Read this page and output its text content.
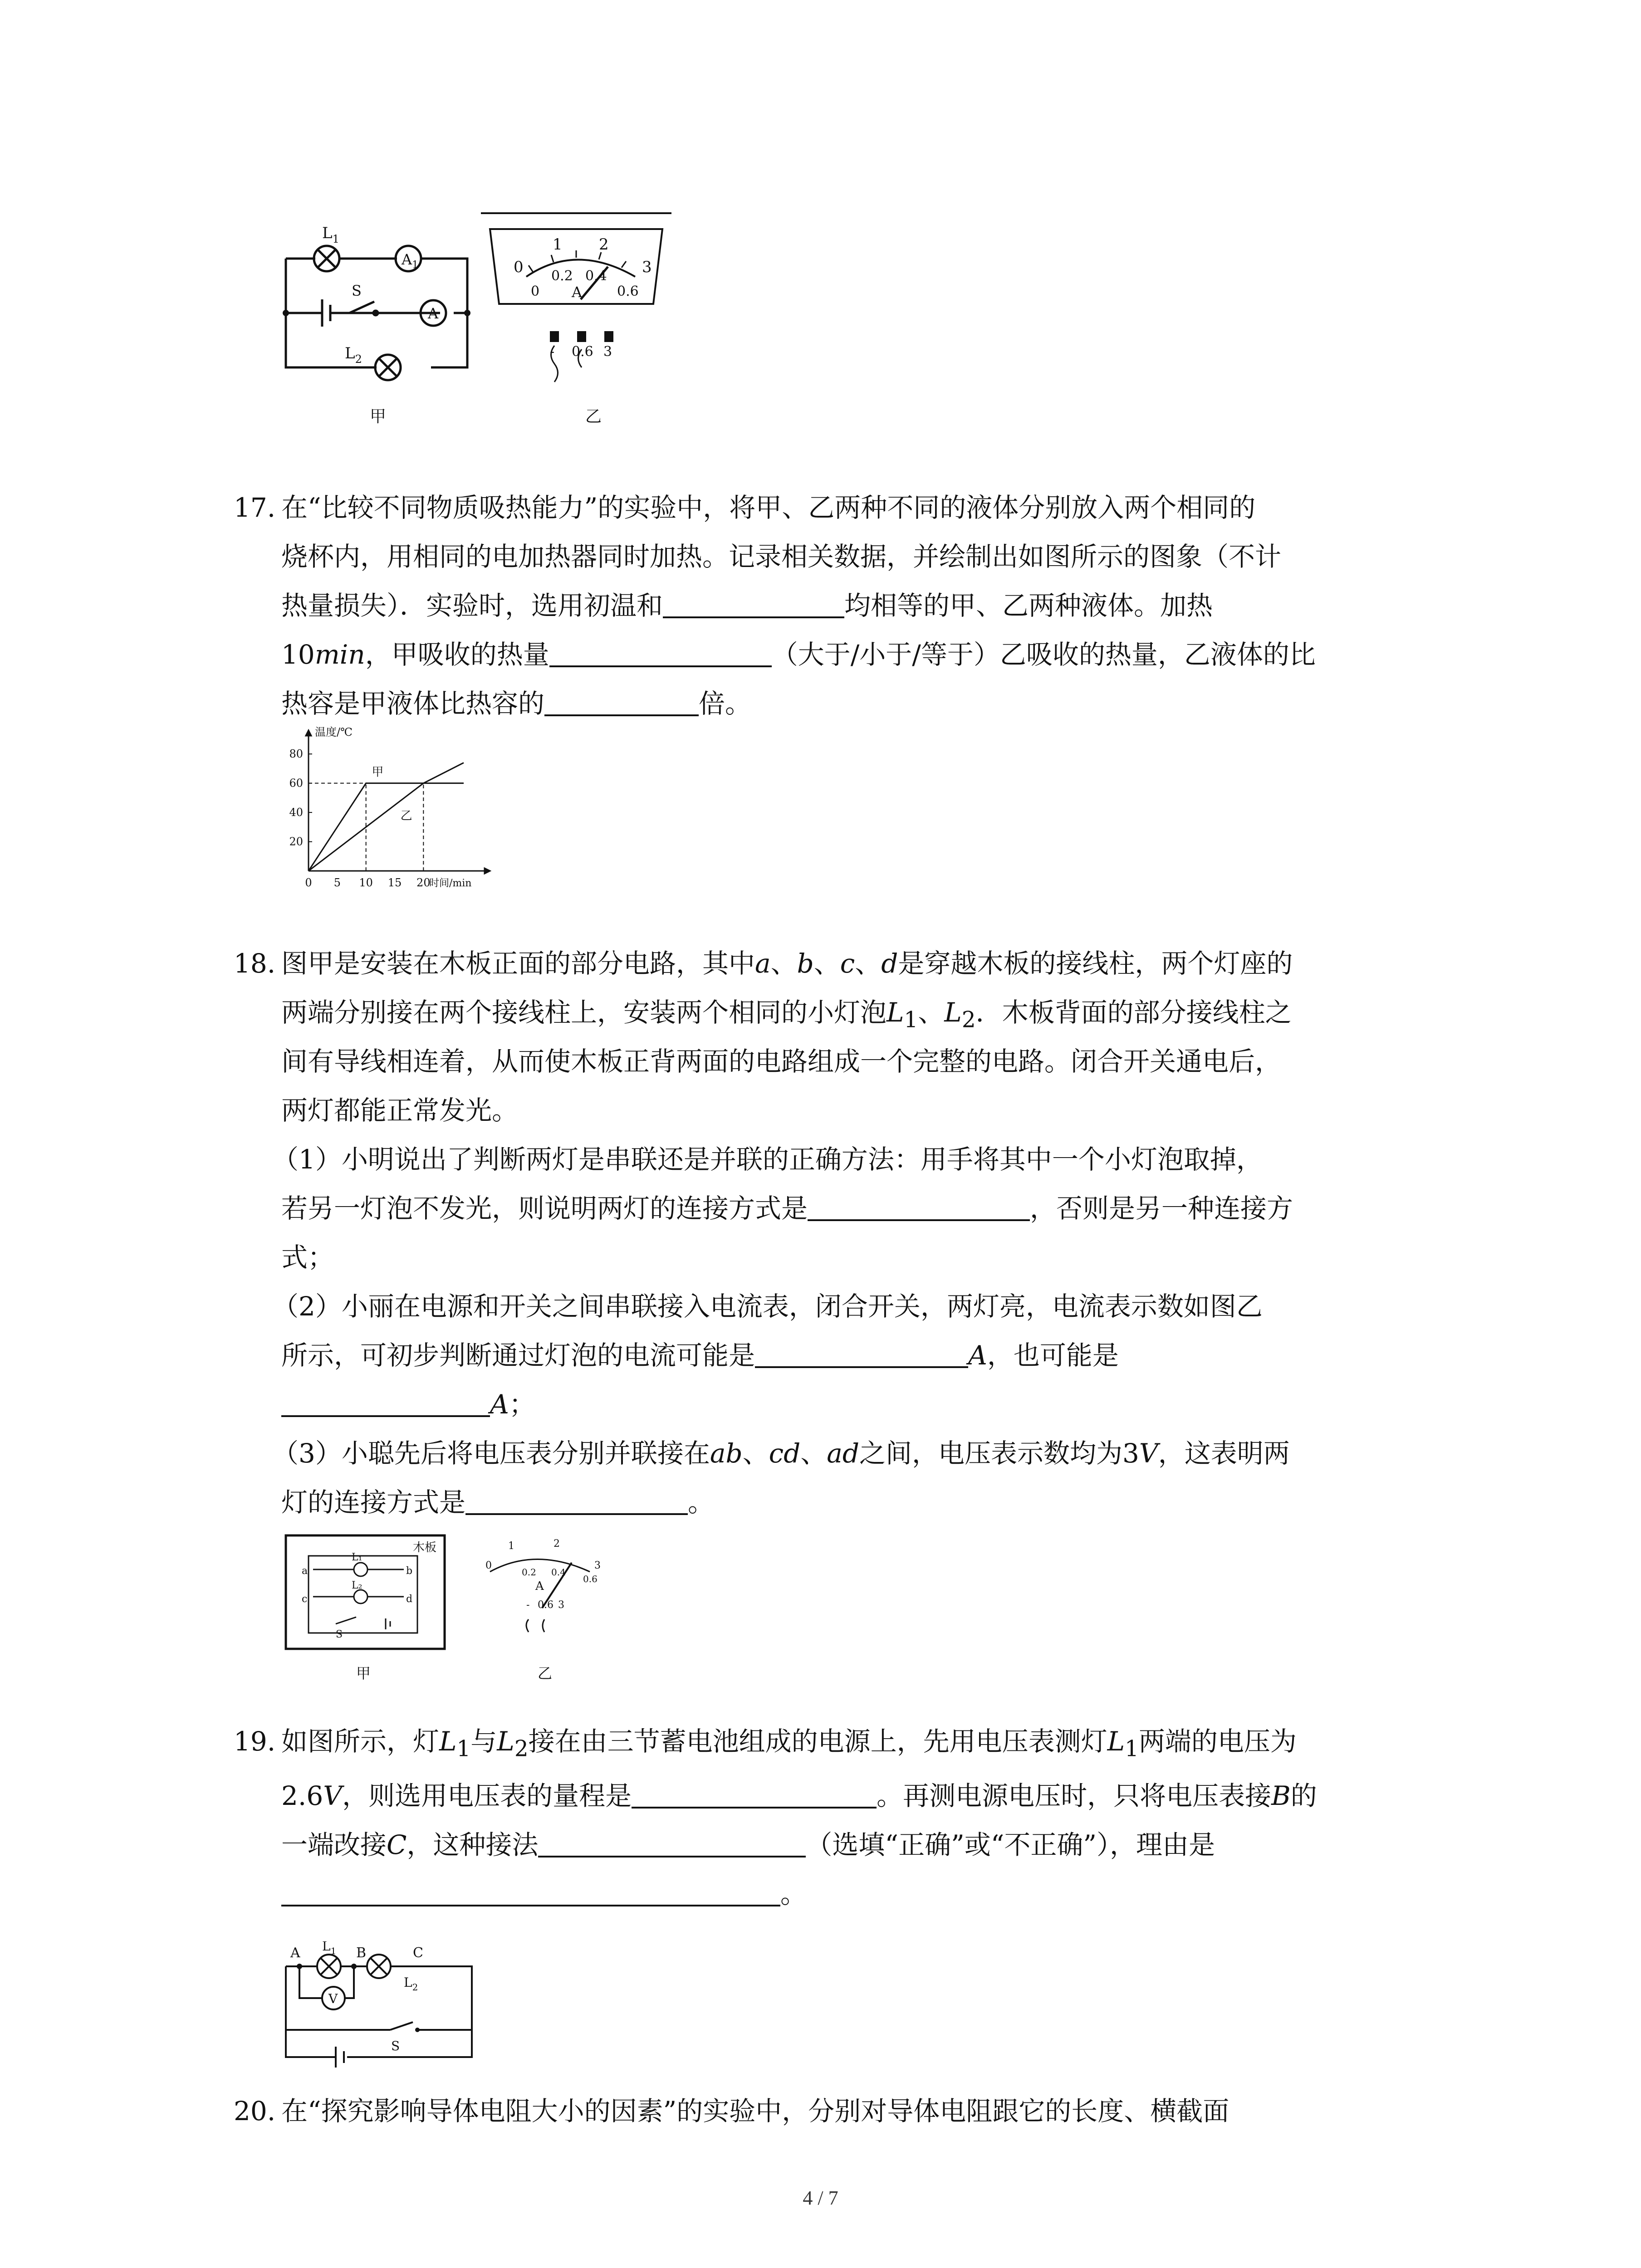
$L_1$
$A_1$
S
A
$L_2$
甲
1 2
0	3
0
0.2 0.4
0.6
A
- 0.6 3
乙
17. 在“比较不同物质吸热能力”的实验中，将甲、乙两种不同的液体分别放入两个相同的
烧杯内，用相同的电加热器同时加热。记录相关数据，并绘制出如图所示的图象（不计
热量损失）．实验时，选用初温和	均相等的甲、乙两种液体。加热
10min，甲吸收的热量	（大于/小于/等于）乙吸收的热量，乙液体的比
热容是甲液体比热容的	倍。
20
40
60
80
0 5 10 15 20
甲
乙
温度/℃
时间/min
18. 图甲是安装在木板正面的部分电路，其中a、b、c、d是穿越木板的接线柱，两个灯座的
两端分别接在两个接线柱上，安装两个相同的小灯泡$L_1$、$L_2$．木板背面的部分接线柱之
间有导线相连着，从而使木板正背两面的电路组成一个完整的电路。闭合开关通电后，
两灯都能正常发光。
（1）小明说出了判断两灯是串联还是并联的正确方法：用手将其中一个小灯泡取掉，
若另一灯泡不发光，则说明两灯的连接方式是	，否则是另一种连接方
式；
（2）小丽在电源和开关之间串联接入电流表，闭合开关，两灯亮，电流表示数如图乙
所示，可初步判断通过灯泡的电流可能是	A，也可能是
A；
（3）小聪先后将电压表分别并联接在ab、cd、ad之间，电压表示数均为3V，这表明两
灯的连接方式是	。
木板
L₁
L₂
a	b
c	d
S
甲
1	2
0	3
0.2 0.4
0.6
A
- 0.6 3
乙
19. 如图所示，灯$L_1$与$L_2$接在由三节蓄电池组成的电源上，先用电压表测灯$L_1$两端的电压为
2.6V，则选用电压表的量程是	。再测电源电压时，只将电压表接B的
一端改接C，这种接法	（选填“正确”或“不正确”），理由是
。
A	B	C
$L_1$
$L_2$
V
S
20. 在“探究影响导体电阻大小的因素”的实验中，分别对导体电阻跟它的长度、横截面
4 / 7
